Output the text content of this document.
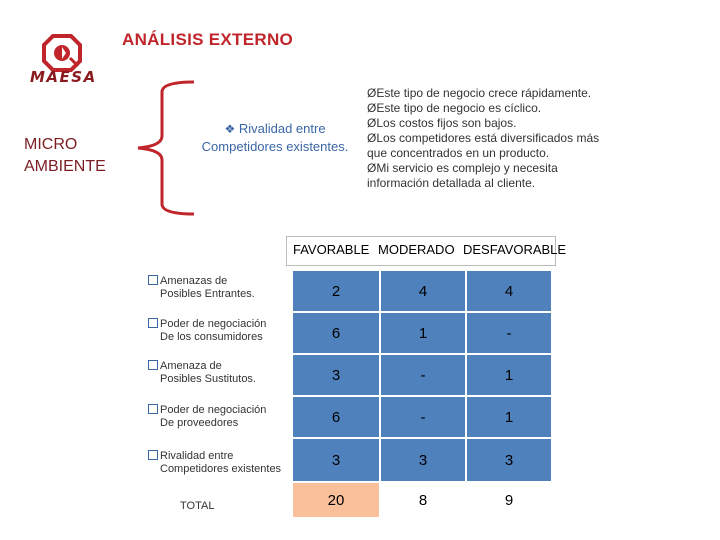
ANÁLISIS EXTERNO
MAESA
MICRO
AMBIENTE
❖ Rivalidad entre
Competidores existentes.
ØEste tipo de negocio crece rápidamente.
ØEste tipo de negocio es cíclico.
ØLos costos fijos son bajos.
ØLos competidores está diversificados más
que concentrados en un producto.
ØMi servicio es complejo y necesita
información detallada al cliente.
FAVORABLE MODERADO DESFAVORABLE
Amenazas de
Posibles Entrantes.	2	4	4
Poder de negociación
De los consumidores	6	1	-
Amenaza de
Posibles Sustitutos.	3	-	1
Poder de negociación
De proveedores	6	-	1
Rivalidad entre
Competidores existentes
3	3	3
TOTAL	20	8	9
